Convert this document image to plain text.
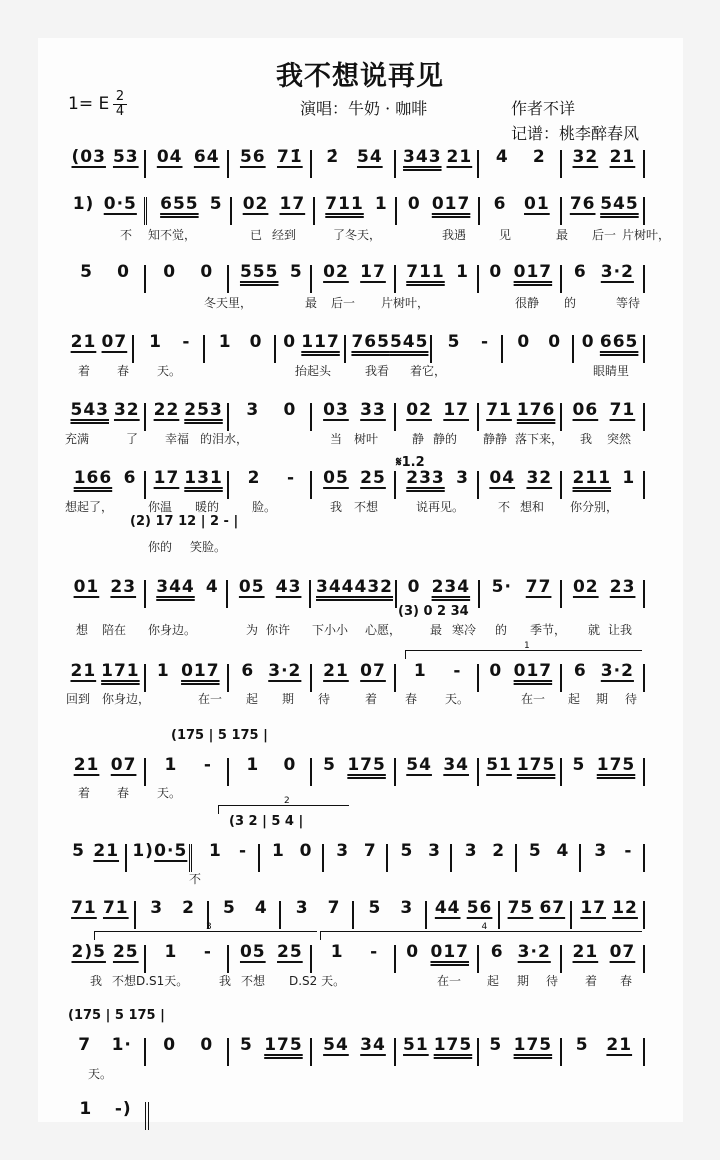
我不想说再见
1= E 2
4	演唱：牛奶 · 咖啡	作者不详
记谱：桃李醉春风
(03 53 04 64 56 71̇ 2̇ 54 343 21 4 2 32 21
1) 0·5 655 5 02 17 711 1 0 017 6 01 76 545
5 0 0 0 555 5 02 17 711 1 0 017 6 3·2
21 07 1 - 1 0 0 117 765 545 5 - 0 0 0 665
543 32 22 253 3 0 03 33 02 17 71 176 06 71
166 6 17 131 2 - 05 25 233 3 04 32 211 1
01 23 344 4 05 43 344 432 0 234 5· 77 02 23
21 171 1 017 6 3·2 21 07 1 - 0 017 6 3·2
21 07 1 - 1 0 5 175 54 34 51 175 5 175
5 21 1) 0·5 1 - 1 0 3 7 5 3 3 2 5 4 3 -
71 71 3 2 5 4 3 7 5 3 44 56 75 67 17 12
2)5 25 1 - 05 25 1 - 0 017 6 3·2 21 07
7 1· 0 0 5 175 54 34 51 175 5 175 5 21
1 -)
不 知不觉，	已 经到	了冬天，	我遇	见	最 后一 片树叶，
冬天里，	最 后一 片树叶，	很静 的	等待
着 春 天。	抬起头	我看 着它，	眼睛里
充满	了 幸福 的泪水，	当 树叶	静 静的 静静 落下来， 我 突然
想起了，	你温 暖的	脸。	我 不想	说再见。	不 想和 你分别，
你的 笑脸。
想 陪在 你身边。	为 你许 下小小 心愿， 最 寒冷 的 季节， 就 让我
回到 你身边，	在一 起 期 待	着 春 天。	在一 起 期 待
着 春 天。
不
我 不想D.S1天。	我 不想 D.S2 天。	在一 起 期 待 着 春
天。
(2) 17 12 | 2 - |
𝄋1.2
(3) 0 2 34
(175 | 5 175 |
(3 2 | 5 4 |
(175 | 5 175 |
1
2
3	4
